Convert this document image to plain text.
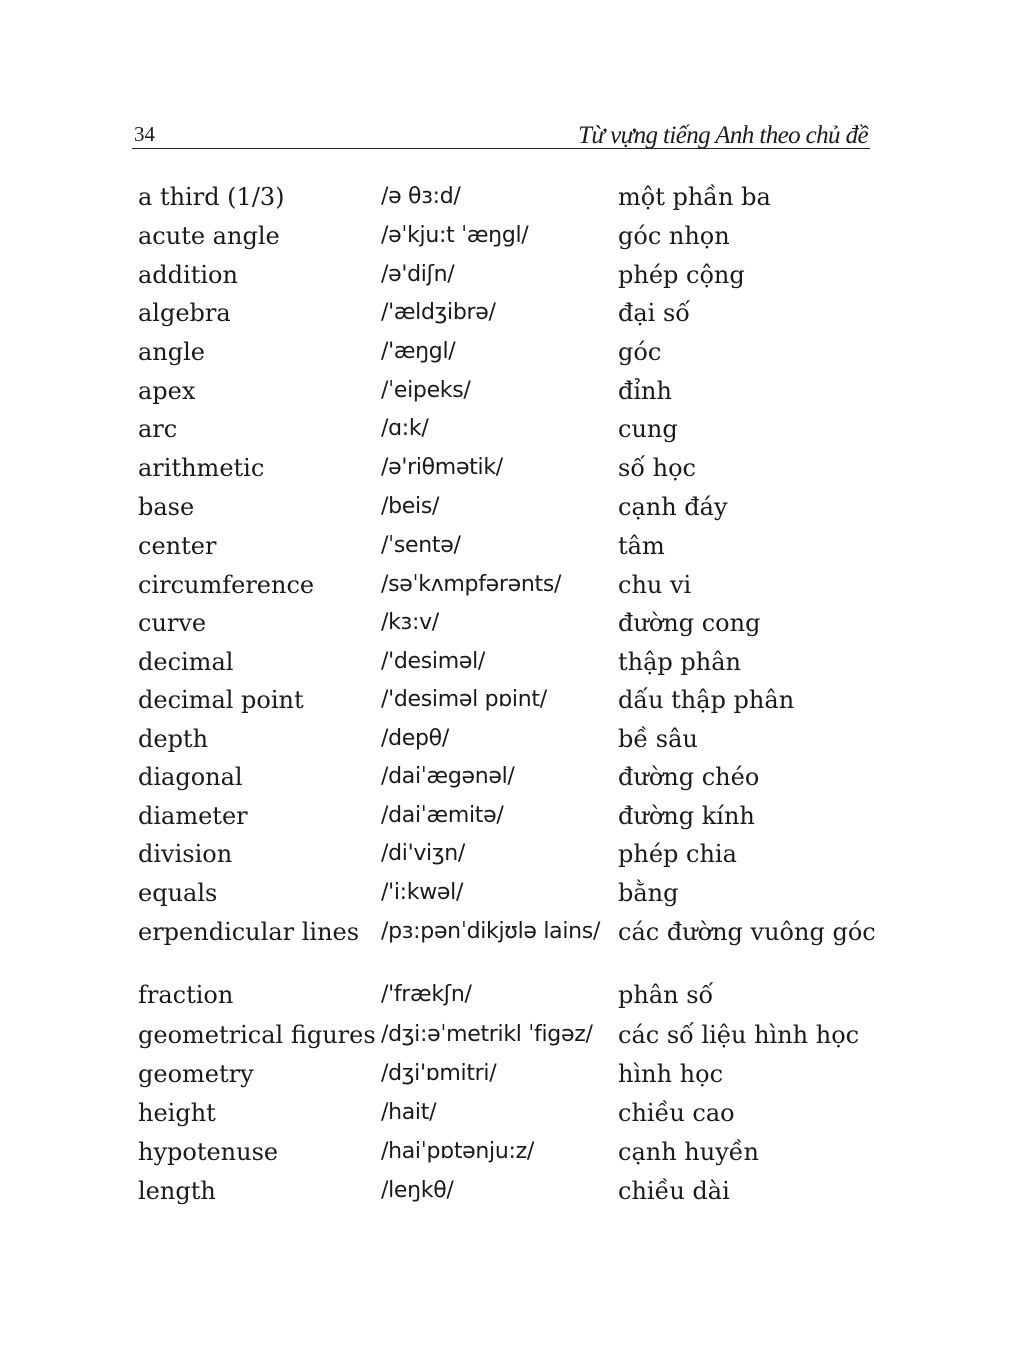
34	Từ vựng tiếng Anh theo chủ đề
a third (1/3)	/ə θɜ:d/	một phần ba
acute angle	/əˈkju:t ˈæŋgl/	góc nhọn
addition	/ə'diʃn/	phép cộng
algebra	/'ældʒibrə/	đại số
angle	/'æŋgl/	góc
apex	/ˈeipeks/	đỉnh
arc	/ɑ:k/	cung
arithmetic	/ə'riθmətik/	số học
base	/beis/	cạnh đáy
center	/ˈsentə/	tâm
circumference	/səˈkʌmpfərənts/ chu vi
curve	/kɜ:v/	đường cong
decimal	/'desiməl/	thập phân
decimal point	/'desiməl pɒint/	dấu thập phân
depth	/depθ/	bề sâu
diagonal	/daiˈægənəl/	đường chéo
diameter	/daiˈæmitə/	đường kính
division	/di'viʒn/	phép chia
equals	/'i:kwəl/	bằng
erpendicular lines /pɜ:pənˈdikjʊlə lains/ các đường vuông góc
fraction	/'frækʃn/	phân số
geometrical figures /dʒi:əˈmetrikl ˈfigəz/ các số liệu hình học
geometry	/dʒi'ɒmitri/	hình học
height	/hait/	chiều cao
hypotenuse	/haiˈpɒtənju:z/	cạnh huyền
length	/leŋkθ/	chiều dài
